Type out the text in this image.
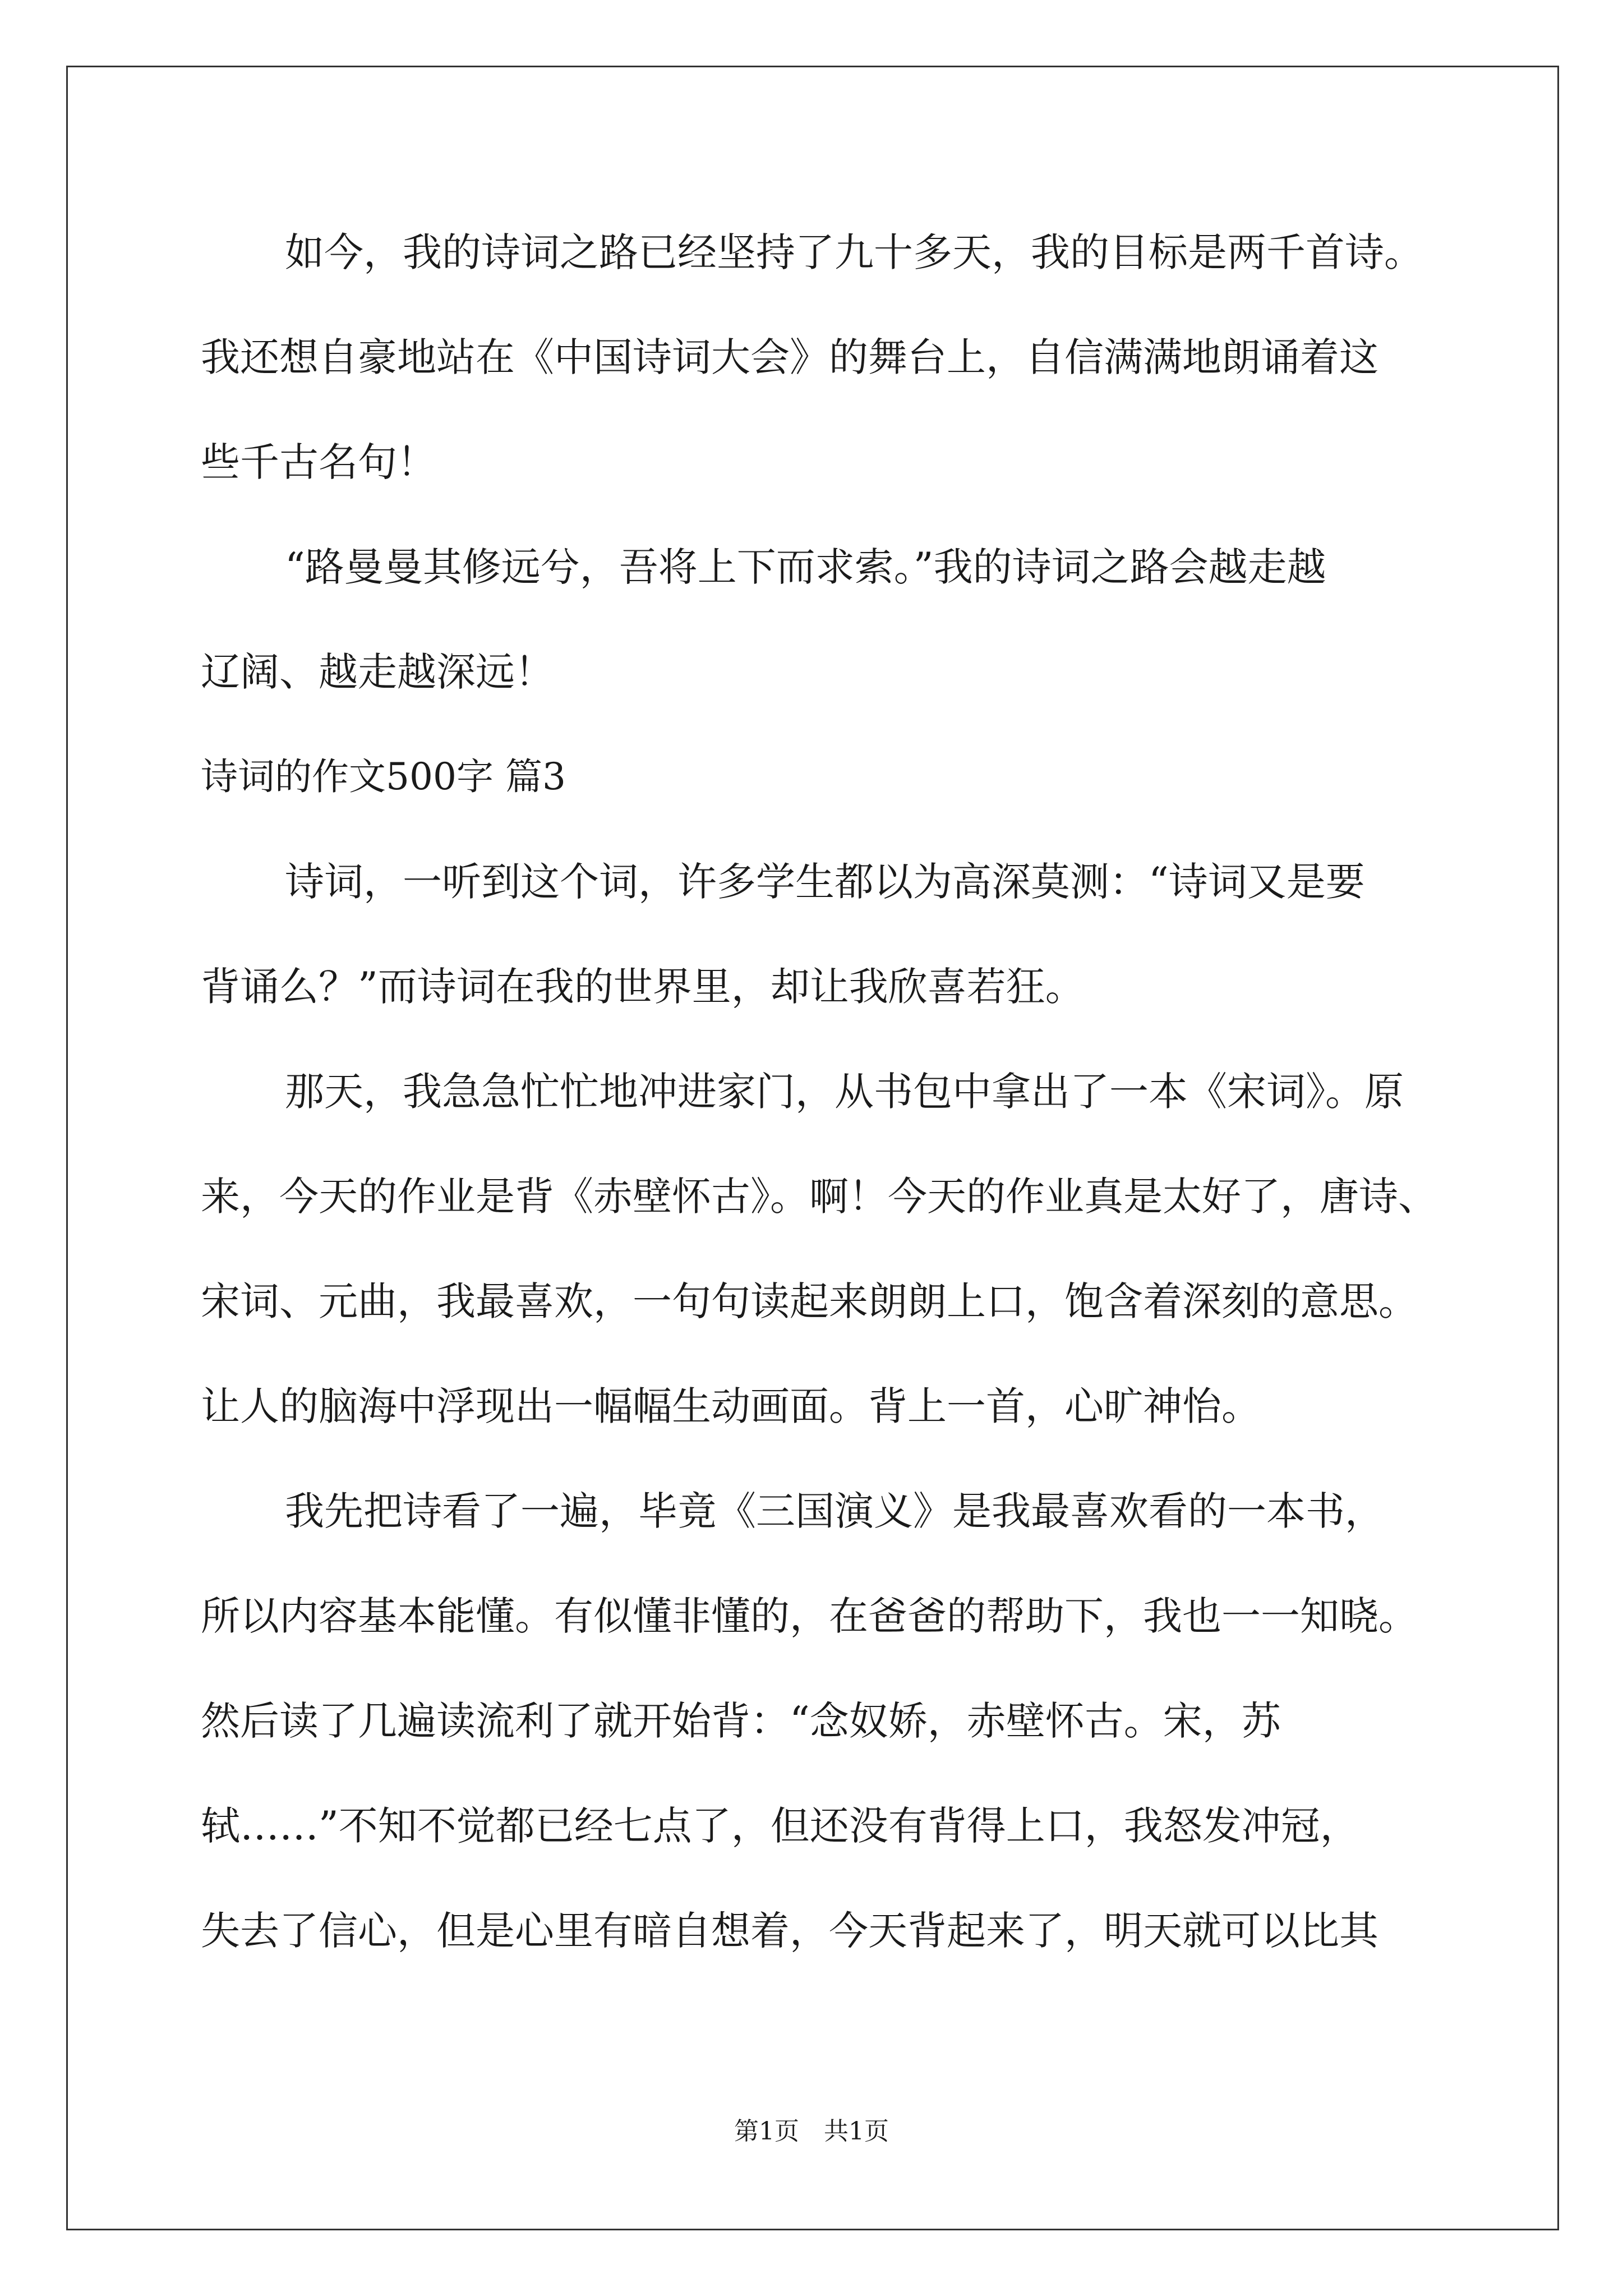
如今，我的诗词之路已经坚持了九十多天，我的目标是两千首诗。
我还想自豪地站在《中国诗词大会》的舞台上，自信满满地朗诵着这
些千古名句！
“路曼曼其修远兮，吾将上下而求索。”我的诗词之路会越走越
辽阔、越走越深远！
诗词的作文500字 篇3
诗词，一听到这个词，许多学生都以为高深莫测：“诗词又是要
背诵么？”而诗词在我的世界里，却让我欣喜若狂。
那天，我急急忙忙地冲进家门，从书包中拿出了一本《宋词》。原
来，今天的作业是背《赤壁怀古》。啊！今天的作业真是太好了，唐诗、
宋词、元曲，我最喜欢，一句句读起来朗朗上口，饱含着深刻的意思。
让人的脑海中浮现出一幅幅生动画面。背上一首，心旷神怡。
我先把诗看了一遍，毕竟《三国演义》是我最喜欢看的一本书，
所以内容基本能懂。有似懂非懂的，在爸爸的帮助下，我也一一知晓。
然后读了几遍读流利了就开始背：“念奴娇，赤壁怀古。宋，苏
轼……”不知不觉都已经七点了，但还没有背得上口，我怒发冲冠，
失去了信心，但是心里有暗自想着，今天背起来了，明天就可以比其
第1页　共1页
